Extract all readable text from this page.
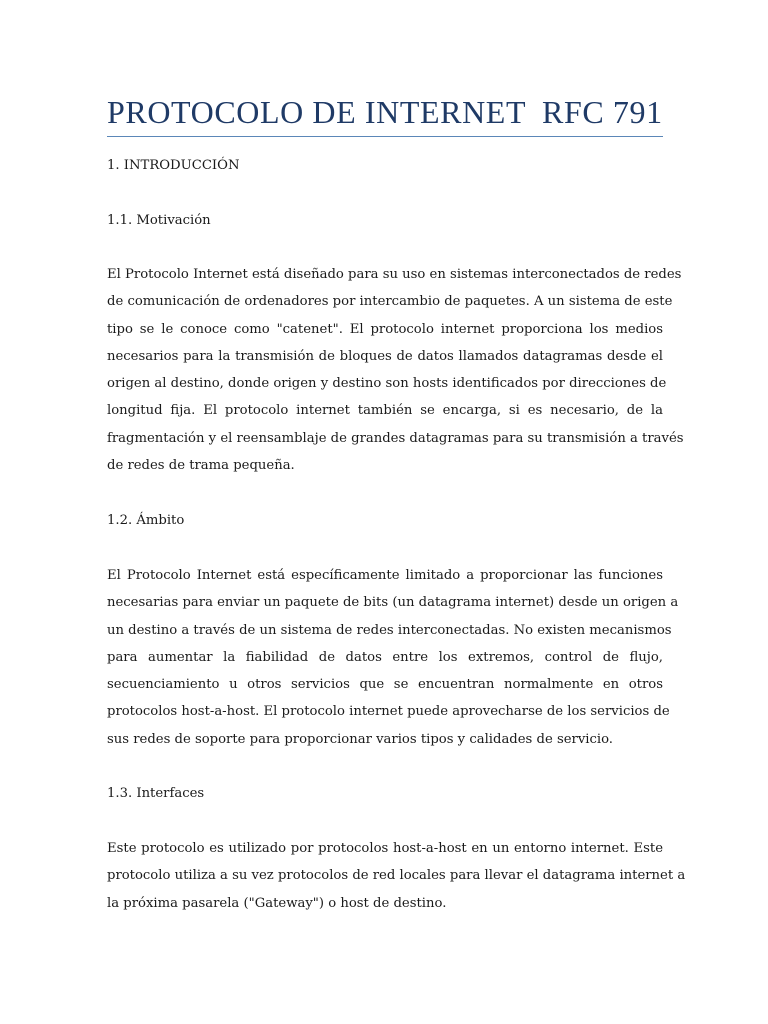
PROTOCOLO DE INTERNET RFC 791
1. INTRODUCCIÓN
1.1. Motivación
El Protocolo Internet está diseñado para su uso en sistemas interconectados de redes
de comunicación de ordenadores por intercambio de paquetes. A un sistema de este
tipo se le conoce como "catenet". El protocolo internet proporciona los medios
necesarios para la transmisión de bloques de datos llamados datagramas desde el
origen al destino, donde origen y destino son hosts identificados por direcciones de
longitud fija. El protocolo internet también se encarga, si es necesario, de la
fragmentación y el reensamblaje de grandes datagramas para su transmisión a través
de redes de trama pequeña.
1.2. Ámbito
El Protocolo Internet está específicamente limitado a proporcionar las funciones
necesarias para enviar un paquete de bits (un datagrama internet) desde un origen a
un destino a través de un sistema de redes interconectadas. No existen mecanismos
para aumentar la fiabilidad de datos entre los extremos, control de flujo,
secuenciamiento u otros servicios que se encuentran normalmente en otros
protocolos host-a-host. El protocolo internet puede aprovecharse de los servicios de
sus redes de soporte para proporcionar varios tipos y calidades de servicio.
1.3. Interfaces
Este protocolo es utilizado por protocolos host-a-host en un entorno internet. Este
protocolo utiliza a su vez protocolos de red locales para llevar el datagrama internet a
la próxima pasarela ("Gateway") o host de destino.
